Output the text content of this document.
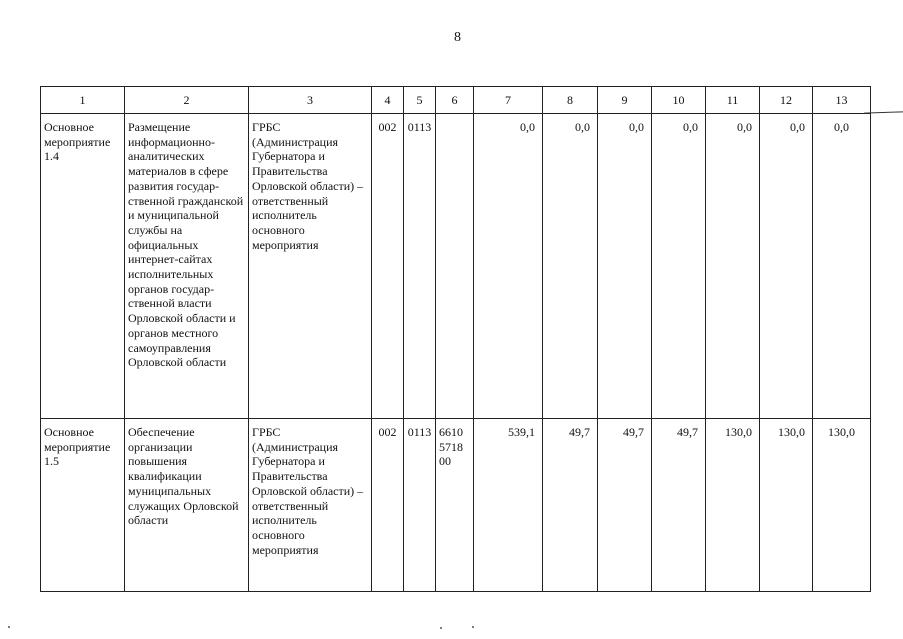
8
1	2	3	4	5	6	7	8	9	10	11	12	13
Основное мероприятие 1.4	Размещение информационно-аналитических материалов в сфере развития государ-ственной гражданской и муниципальной службы на официальных интернет-сайтах исполнительных органов государ-ственной власти Орловской области и органов местного самоуправления Орловской области	ГРБС (Администрация Губернатора и Правительства Орловской области) – ответственный исполнитель основного мероприятия	002	0113		0,0	0,0	0,0	0,0	0,0	0,0	0,0
Основное мероприятие 1.5	Обеспечение организации повышения квалификации муниципальных служащих Орловской области	ГРБС (Администрация Губернатора и Правительства Орловской области) – ответственный исполнитель основного мероприятия	002	0113	6610 5718 00	539,1	49,7	49,7	49,7	130,0	130,0	130,0
